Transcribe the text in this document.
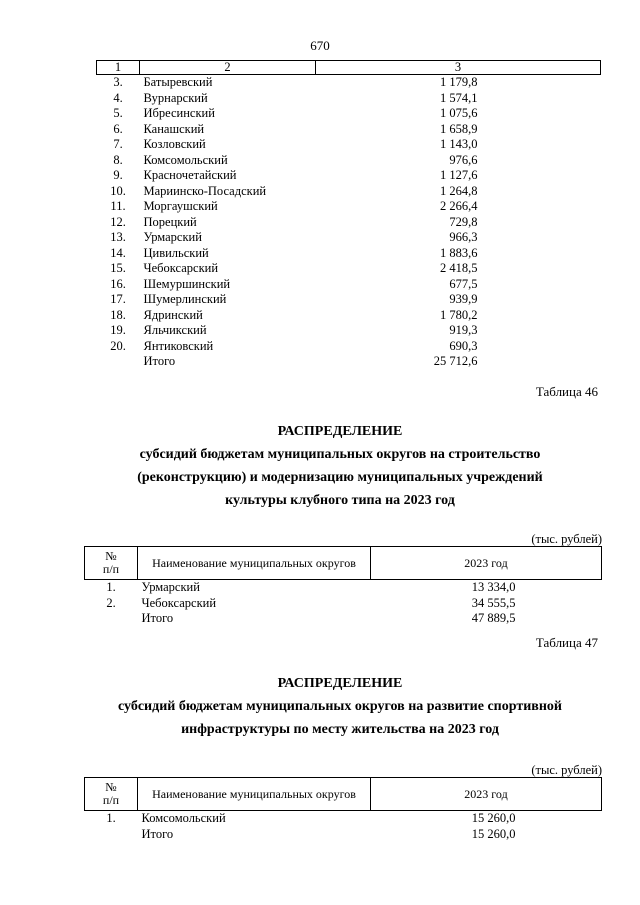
670
1	2	3
3.	Батыревский	1 179,8
4.	Вурнарский	1 574,1
5.	Ибресинский	1 075,6
6.	Канашский	1 658,9
7.	Козловский	1 143,0
8.	Комсомольский	976,6
9.	Красночетайский	1 127,6
10.	Мариинско-Посадский	1 264,8
11.	Моргаушский	2 266,4
12.	Порецкий	729,8
13.	Урмарский	966,3
14.	Цивильский	1 883,6
15.	Чебоксарский	2 418,5
16.	Шемуршинский	677,5
17.	Шумерлинский	939,9
18.	Ядринский	1 780,2
19.	Яльчикский	919,3
20.	Янтиковский	690,3
	Итого	25 712,6
Таблица 46
РАСПРЕДЕЛЕНИЕ
субсидий бюджетам муниципальных округов на строительство
(реконструкцию) и модернизацию муниципальных учреждений
культуры клубного типа на 2023 год
(тыс. рублей)
№
п/п	Наименование муниципальных округов	2023 год
1.	Урмарский	13 334,0
2.	Чебоксарский	34 555,5
	Итого	47 889,5
Таблица 47
РАСПРЕДЕЛЕНИЕ
субсидий бюджетам муниципальных округов на развитие спортивной
инфраструктуры по месту жительства на 2023 год
(тыс. рублей)
№
п/п	Наименование муниципальных округов	2023 год
1.	Комсомольский	15 260,0
	Итого	15 260,0
